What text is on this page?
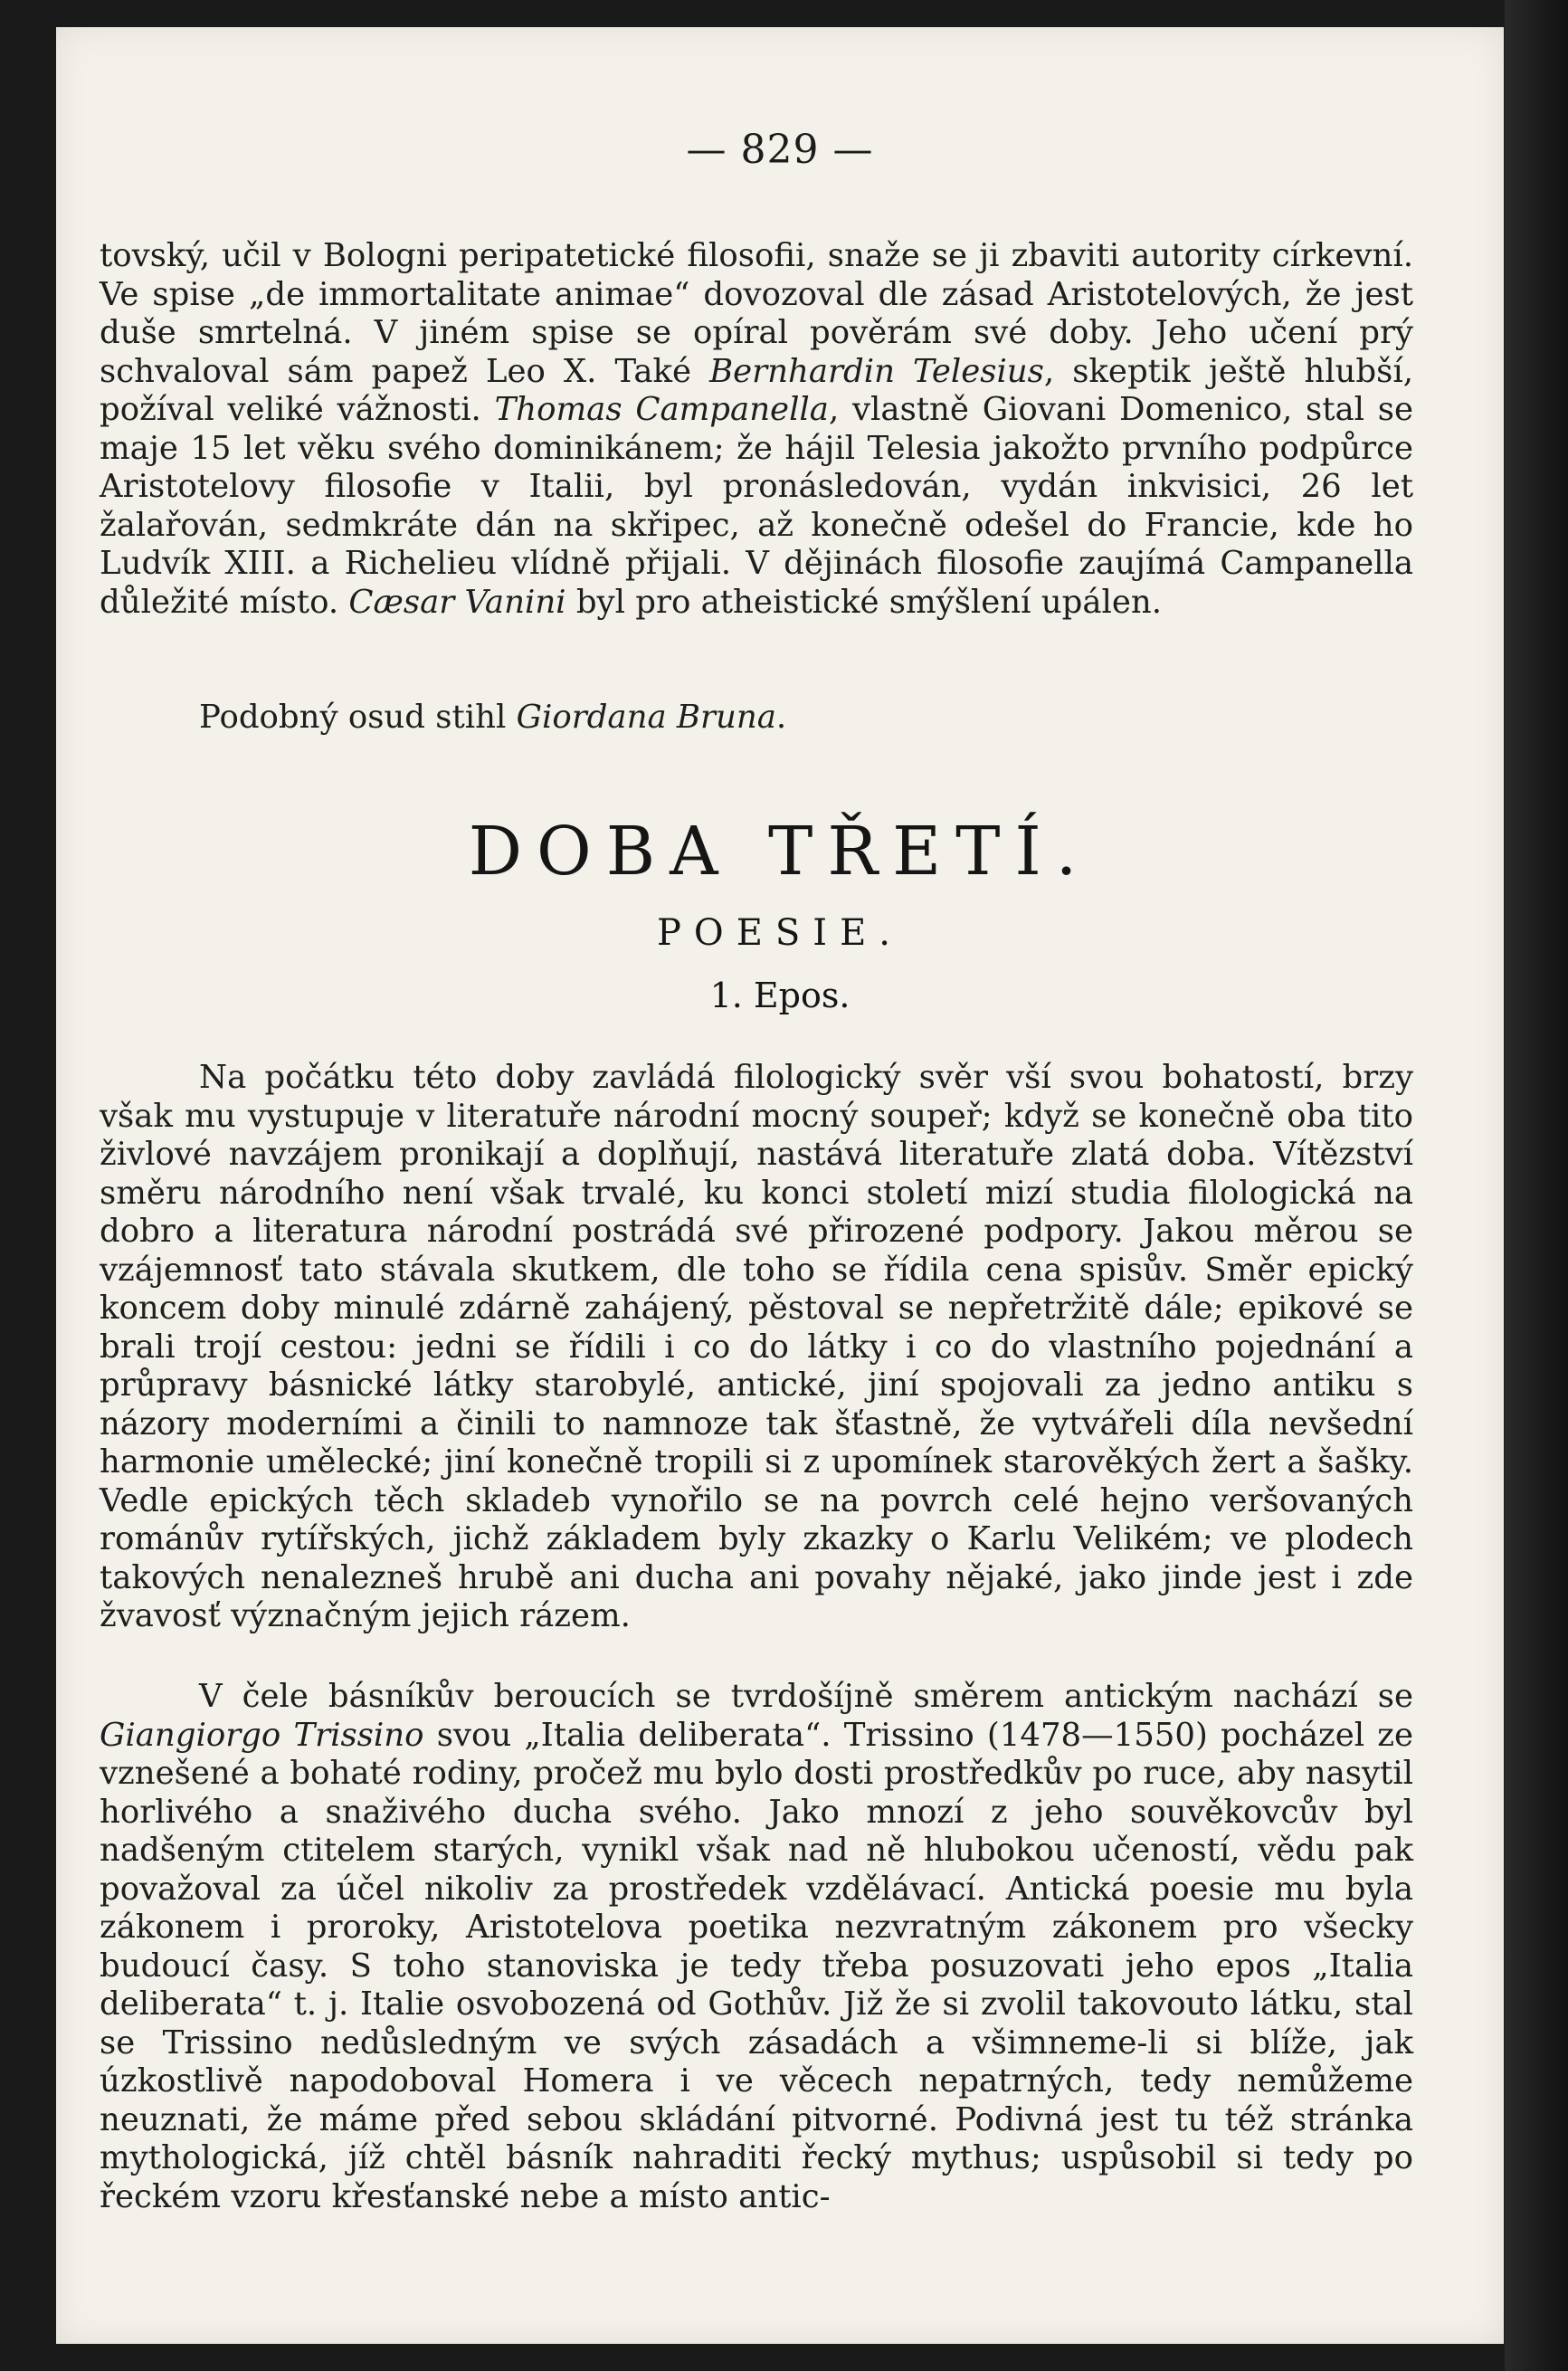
— 829 —

tovský, učil v Bologni peripatetické filosofii, snaže se ji zbaviti autority církevní. Ve spise „de immortalitate animae“ dovozoval dle zásad Aristotelových, že jest duše smrtelná. V jiném spise se opíral pověrám své doby. Jeho učení prý schvaloval sám papež Leo X. Také Bernhardin Telesius, skeptik ještě hlubší, požíval veliké vážnosti. Thomas Campanella, vlastně Giovani Domenico, stal se maje 15 let věku svého dominikánem; že hájil Telesia jakožto prvního podpůrce Aristotelovy filosofie v Italii, byl pronásledován, vydán inkvisici, 26 let žalařován, sedmkráte dán na skřipec, až konečně odešel do Francie, kde ho Ludvík XIII. a Richelieu vlídně přijali. V dějinách filosofie zaujímá Campanella důležité místo. Cæsar Vanini byl pro atheistické smýšlení upálen.

Podobný osud stihl Giordana Bruna.

DOBA TŘETÍ.
POESIE.
1. Epos.

Na počátku této doby zavládá filologický svěr vší svou bohatostí, brzy však mu vystupuje v literatuře národní mocný soupeř; když se konečně oba tito živlové navzájem pronikají a doplňují, nastává literatuře zlatá doba. Vítězství směru národního není však trvalé, ku konci století mizí studia filologická na dobro a literatura národní postrádá své přirozené podpory. Jakou měrou se vzájemnosť tato stávala skutkem, dle toho se řídila cena spisův. Směr epický koncem doby minulé zdárně zahájený, pěstoval se nepřetržitě dále; epikové se brali trojí cestou: jedni se řídili i co do látky i co do vlastního pojednání a průpravy básnické látky starobylé, antické, jiní spojovali za jedno antiku s názory moderními a činili to namnoze tak šťastně, že vytvářeli díla nevšední harmonie umělecké; jiní konečně tropili si z upomínek starověkých žert a šašky. Vedle epických těch skladeb vynořilo se na povrch celé hejno veršovaných románův rytířských, jichž základem byly zkazky o Karlu Velikém; ve plodech takových nenalezneš hrubě ani ducha ani povahy nějaké, jako jinde jest i zde žvavosť význačným jejich rázem.

V čele básníkův beroucích se tvrdošíjně směrem antickým nachází se Giangiorgo Trissino svou „Italia deliberata“. Trissino (1478—1550) pocházel ze vznešené a bohaté rodiny, pročež mu bylo dosti prostředkův po ruce, aby nasytil horlivého a snaživého ducha svého. Jako mnozí z jeho souvěkovcův byl nadšeným ctitelem starých, vynikl však nad ně hlubokou učeností, vědu pak považoval za účel nikoliv za prostředek vzdělávací. Antická poesie mu byla zákonem i proroky, Aristotelova poetika nezvratným zákonem pro všecky budoucí časy. S toho stanoviska je tedy třeba posuzovati jeho epos „Italia deliberata“ t. j. Italie osvobozená od Gothův. Již že si zvolil takovouto látku, stal se Trissino nedůsledným ve svých zásadách a všimneme-li si blíže, jak úzkostlivě napodoboval Homera i ve věcech nepatrných, tedy nemůžeme neuznati, že máme před sebou skládání pitvorné. Podivná jest tu též stránka mythologická, jíž chtěl básník nahraditi řecký mythus; uspůsobil si tedy po řeckém vzoru křesťanské nebe a místo antic-
